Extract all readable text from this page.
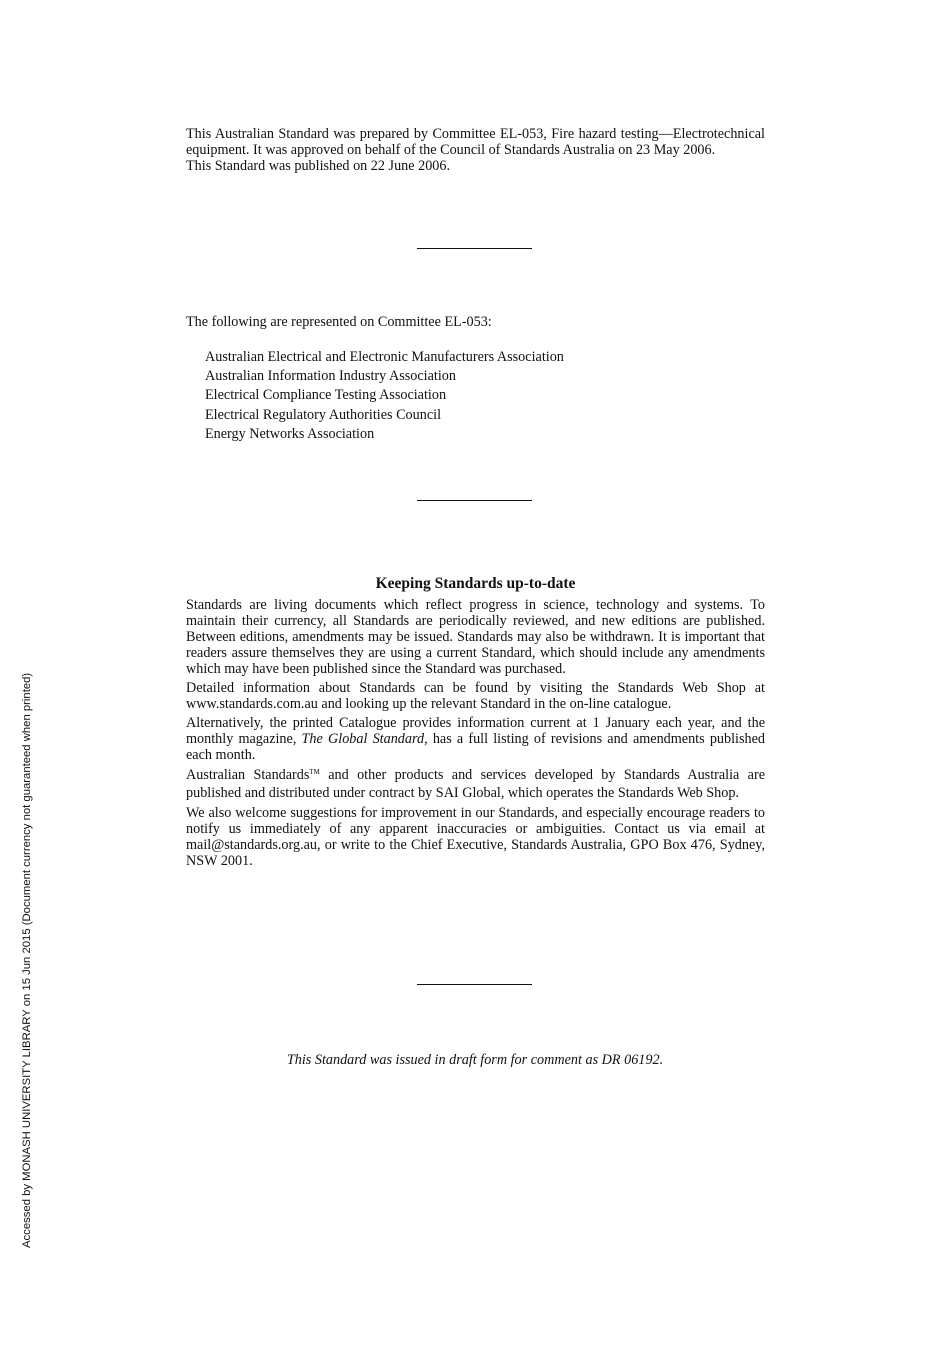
This Australian Standard was prepared by Committee EL-053, Fire hazard testing—Electrotechnical equipment. It was approved on behalf of the Council of Standards Australia on 23 May 2006.

This Standard was published on 22 June 2006.

The following are represented on Committee EL-053:

Australian Electrical and Electronic Manufacturers Association
Australian Information Industry Association
Electrical Compliance Testing Association
Electrical Regulatory Authorities Council
Energy Networks Association
Keeping Standards up-to-date

Standards are living documents which reflect progress in science, technology and systems. To maintain their currency, all Standards are periodically reviewed, and new editions are published. Between editions, amendments may be issued. Standards may also be withdrawn. It is important that readers assure themselves they are using a current Standard, which should include any amendments which may have been published since the Standard was purchased.

Detailed information about Standards can be found by visiting the Standards Web Shop at www.standards.com.au and looking up the relevant Standard in the on-line catalogue.

Alternatively, the printed Catalogue provides information current at 1 January each year, and the monthly magazine, The Global Standard, has a full listing of revisions and amendments published each month.

Australian Standards™ and other products and services developed by Standards Australia are published and distributed under contract by SAI Global, which operates the Standards Web Shop.

We also welcome suggestions for improvement in our Standards, and especially encourage readers to notify us immediately of any apparent inaccuracies or ambiguities. Contact us via email at mail@standards.org.au, or write to the Chief Executive, Standards Australia, GPO Box 476, Sydney, NSW 2001.

This Standard was issued in draft form for comment as DR 06192.
Accessed by MONASH UNIVERSITY LIBRARY on 15 Jun 2015 (Document currency not guaranteed when printed)
